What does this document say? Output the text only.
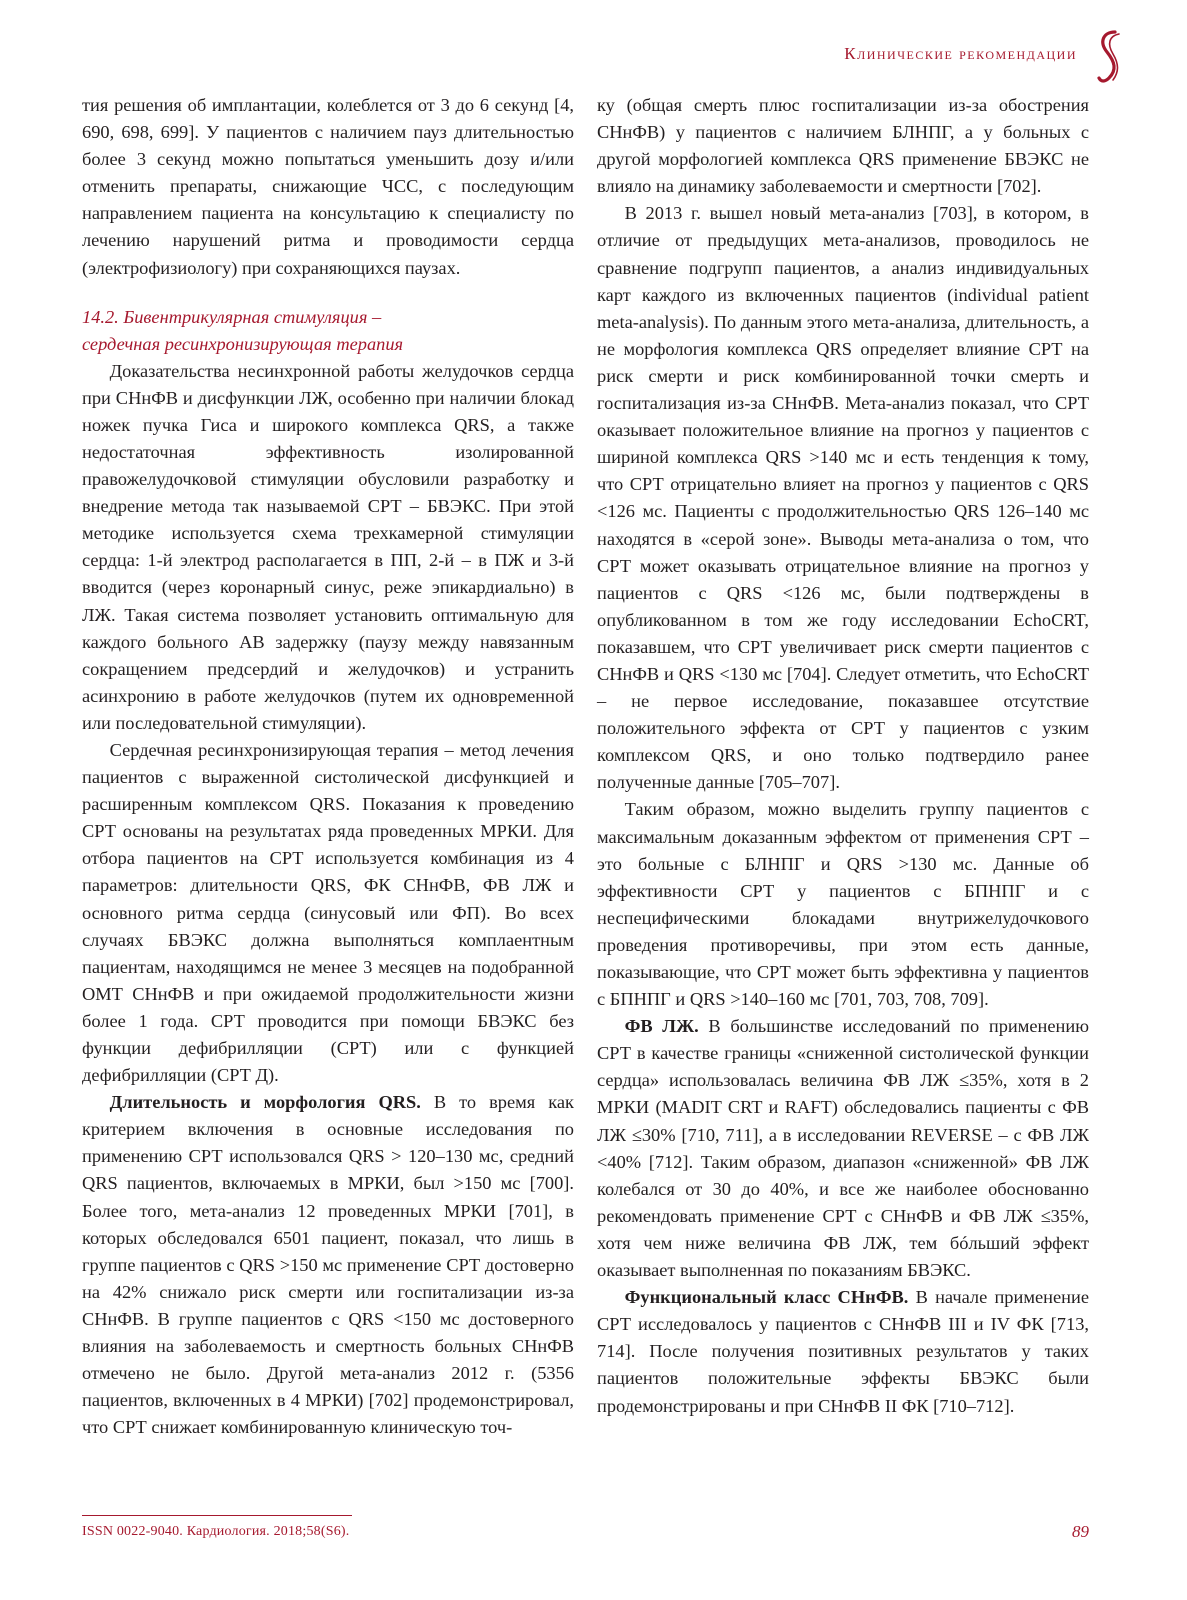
Клинические рекомендации

тия решения об имплантации, колеблется от 3 до 6 секунд [4, 690, 698, 699]. У пациентов с наличием пауз длительностью более 3 секунд можно попытаться уменьшить дозу и/или отменить препараты, снижающие ЧСС, с последующим направлением пациента на консультацию к специалисту по лечению нарушений ритма и проводимости сердца (электрофизиологу) при сохраняющихся паузах.

14.2. Бивентрикулярная стимуляция –
сердечная ресинхронизирующая терапия

Доказательства несинхронной работы желудочков сердца при СНнФВ и дисфункции ЛЖ, особенно при наличии блокад ножек пучка Гиса и широкого комплекса QRS, а также недостаточная эффективность изолированной правожелудочковой стимуляции обусловили разработку и внедрение метода так называемой СРТ – БВЭКС. При этой методике используется схема трехкамерной стимуляции сердца: 1-й электрод располагается в ПП, 2-й – в ПЖ и 3-й вводится (через коронарный синус, реже эпикардиально) в ЛЖ. Такая система позволяет установить оптимальную для каждого больного АВ задержку (паузу между навязанным сокращением предсердий и желудочков) и устранить асинхронию в работе желудочков (путем их одновременной или последовательной стимуляции).

Сердечная ресинхронизирующая терапия – метод лечения пациентов с выраженной систолической дисфункцией и расширенным комплексом QRS. Показания к проведению СРТ основаны на результатах ряда проведенных МРКИ. Для отбора пациентов на СРТ используется комбинация из 4 параметров: длительности QRS, ФК СНнФВ, ФВ ЛЖ и основного ритма сердца (синусовый или ФП). Во всех случаях БВЭКС должна выполняться комплаентным пациентам, находящимся не менее 3 месяцев на подобранной ОМТ СНнФВ и при ожидаемой продолжительности жизни более 1 года. СРТ проводится при помощи БВЭКС без функции дефибрилляции (СРТ) или с функцией дефибрилляции (СРТ Д).

Длительность и морфология QRS. В то время как критерием включения в основные исследования по применению СРТ использовался QRS > 120–130 мс, средний QRS пациентов, включаемых в МРКИ, был >150 мс [700]. Более того, мета-анализ 12 проведенных МРКИ [701], в которых обследовался 6501 пациент, показал, что лишь в группе пациентов с QRS >150 мс применение СРТ достоверно на 42% снижало риск смерти или госпитализации из-за СНнФВ. В группе пациентов с QRS <150 мс достоверного влияния на заболеваемость и смертность больных СНнФВ отмечено не было. Другой мета-анализ 2012 г. (5356 пациентов, включенных в 4 МРКИ) [702] продемонстрировал, что СРТ снижает комбинированную клиническую точ-

ку (общая смерть плюс госпитализации из-за обострения СНнФВ) у пациентов с наличием БЛНПГ, а у больных с другой морфологией комплекса QRS применение БВЭКС не влияло на динамику заболеваемости и смертности [702].

В 2013 г. вышел новый мета-анализ [703], в котором, в отличие от предыдущих мета-анализов, проводилось не сравнение подгрупп пациентов, а анализ индивидуальных карт каждого из включенных пациентов (individual patient meta-analysis). По данным этого мета-анализа, длительность, а не морфология комплекса QRS определяет влияние СРТ на риск смерти и риск комбинированной точки смерть и госпитализация из-за СНнФВ. Мета-анализ показал, что СРТ оказывает положительное влияние на прогноз у пациентов с шириной комплекса QRS >140 мс и есть тенденция к тому, что СРТ отрицательно влияет на прогноз у пациентов с QRS <126 мс. Пациенты с продолжительностью QRS 126–140 мс находятся в «серой зоне». Выводы мета-анализа о том, что СРТ может оказывать отрицательное влияние на прогноз у пациентов с QRS <126 мс, были подтверждены в опубликованном в том же году исследовании EchoCRT, показавшем, что СРТ увеличивает риск смерти пациентов с СНнФВ и QRS <130 мс [704]. Следует отметить, что EchoCRT – не первое исследование, показавшее отсутствие положительного эффекта от СРТ у пациентов с узким комплексом QRS, и оно только подтвердило ранее полученные данные [705–707].

Таким образом, можно выделить группу пациентов с максимальным доказанным эффектом от применения СРТ – это больные с БЛНПГ и QRS >130 мс. Данные об эффективности СРТ у пациентов с БПНПГ и с неспецифическими блокадами внутрижелудочкового проведения противоречивы, при этом есть данные, показывающие, что СРТ может быть эффективна у пациентов с БПНПГ и QRS >140–160 мс [701, 703, 708, 709].

ФВ ЛЖ. В большинстве исследований по применению СРТ в качестве границы «сниженной систолической функции сердца» использовалась величина ФВ ЛЖ ≤35%, хотя в 2 МРКИ (MADIT CRT и RAFT) обследовались пациенты с ФВ ЛЖ ≤30% [710, 711], а в исследовании REVERSE – с ФВ ЛЖ <40% [712]. Таким образом, диапазон «сниженной» ФВ ЛЖ колебался от 30 до 40%, и все же наиболее обоснованно рекомендовать применение СРТ с СНнФВ и ФВ ЛЖ ≤35%, хотя чем ниже величина ФВ ЛЖ, тем бóльший эффект оказывает выполненная по показаниям БВЭКС.

Функциональный класс СНнФВ. В начале применение СРТ исследовалось у пациентов с СНнФВ III и IV ФК [713, 714]. После получения позитивных результатов у таких пациентов положительные эффекты БВЭКС были продемонстрированы и при СНнФВ II ФК [710–712].

ISSN 0022-9040. Кардиология. 2018;58(S6).	89
